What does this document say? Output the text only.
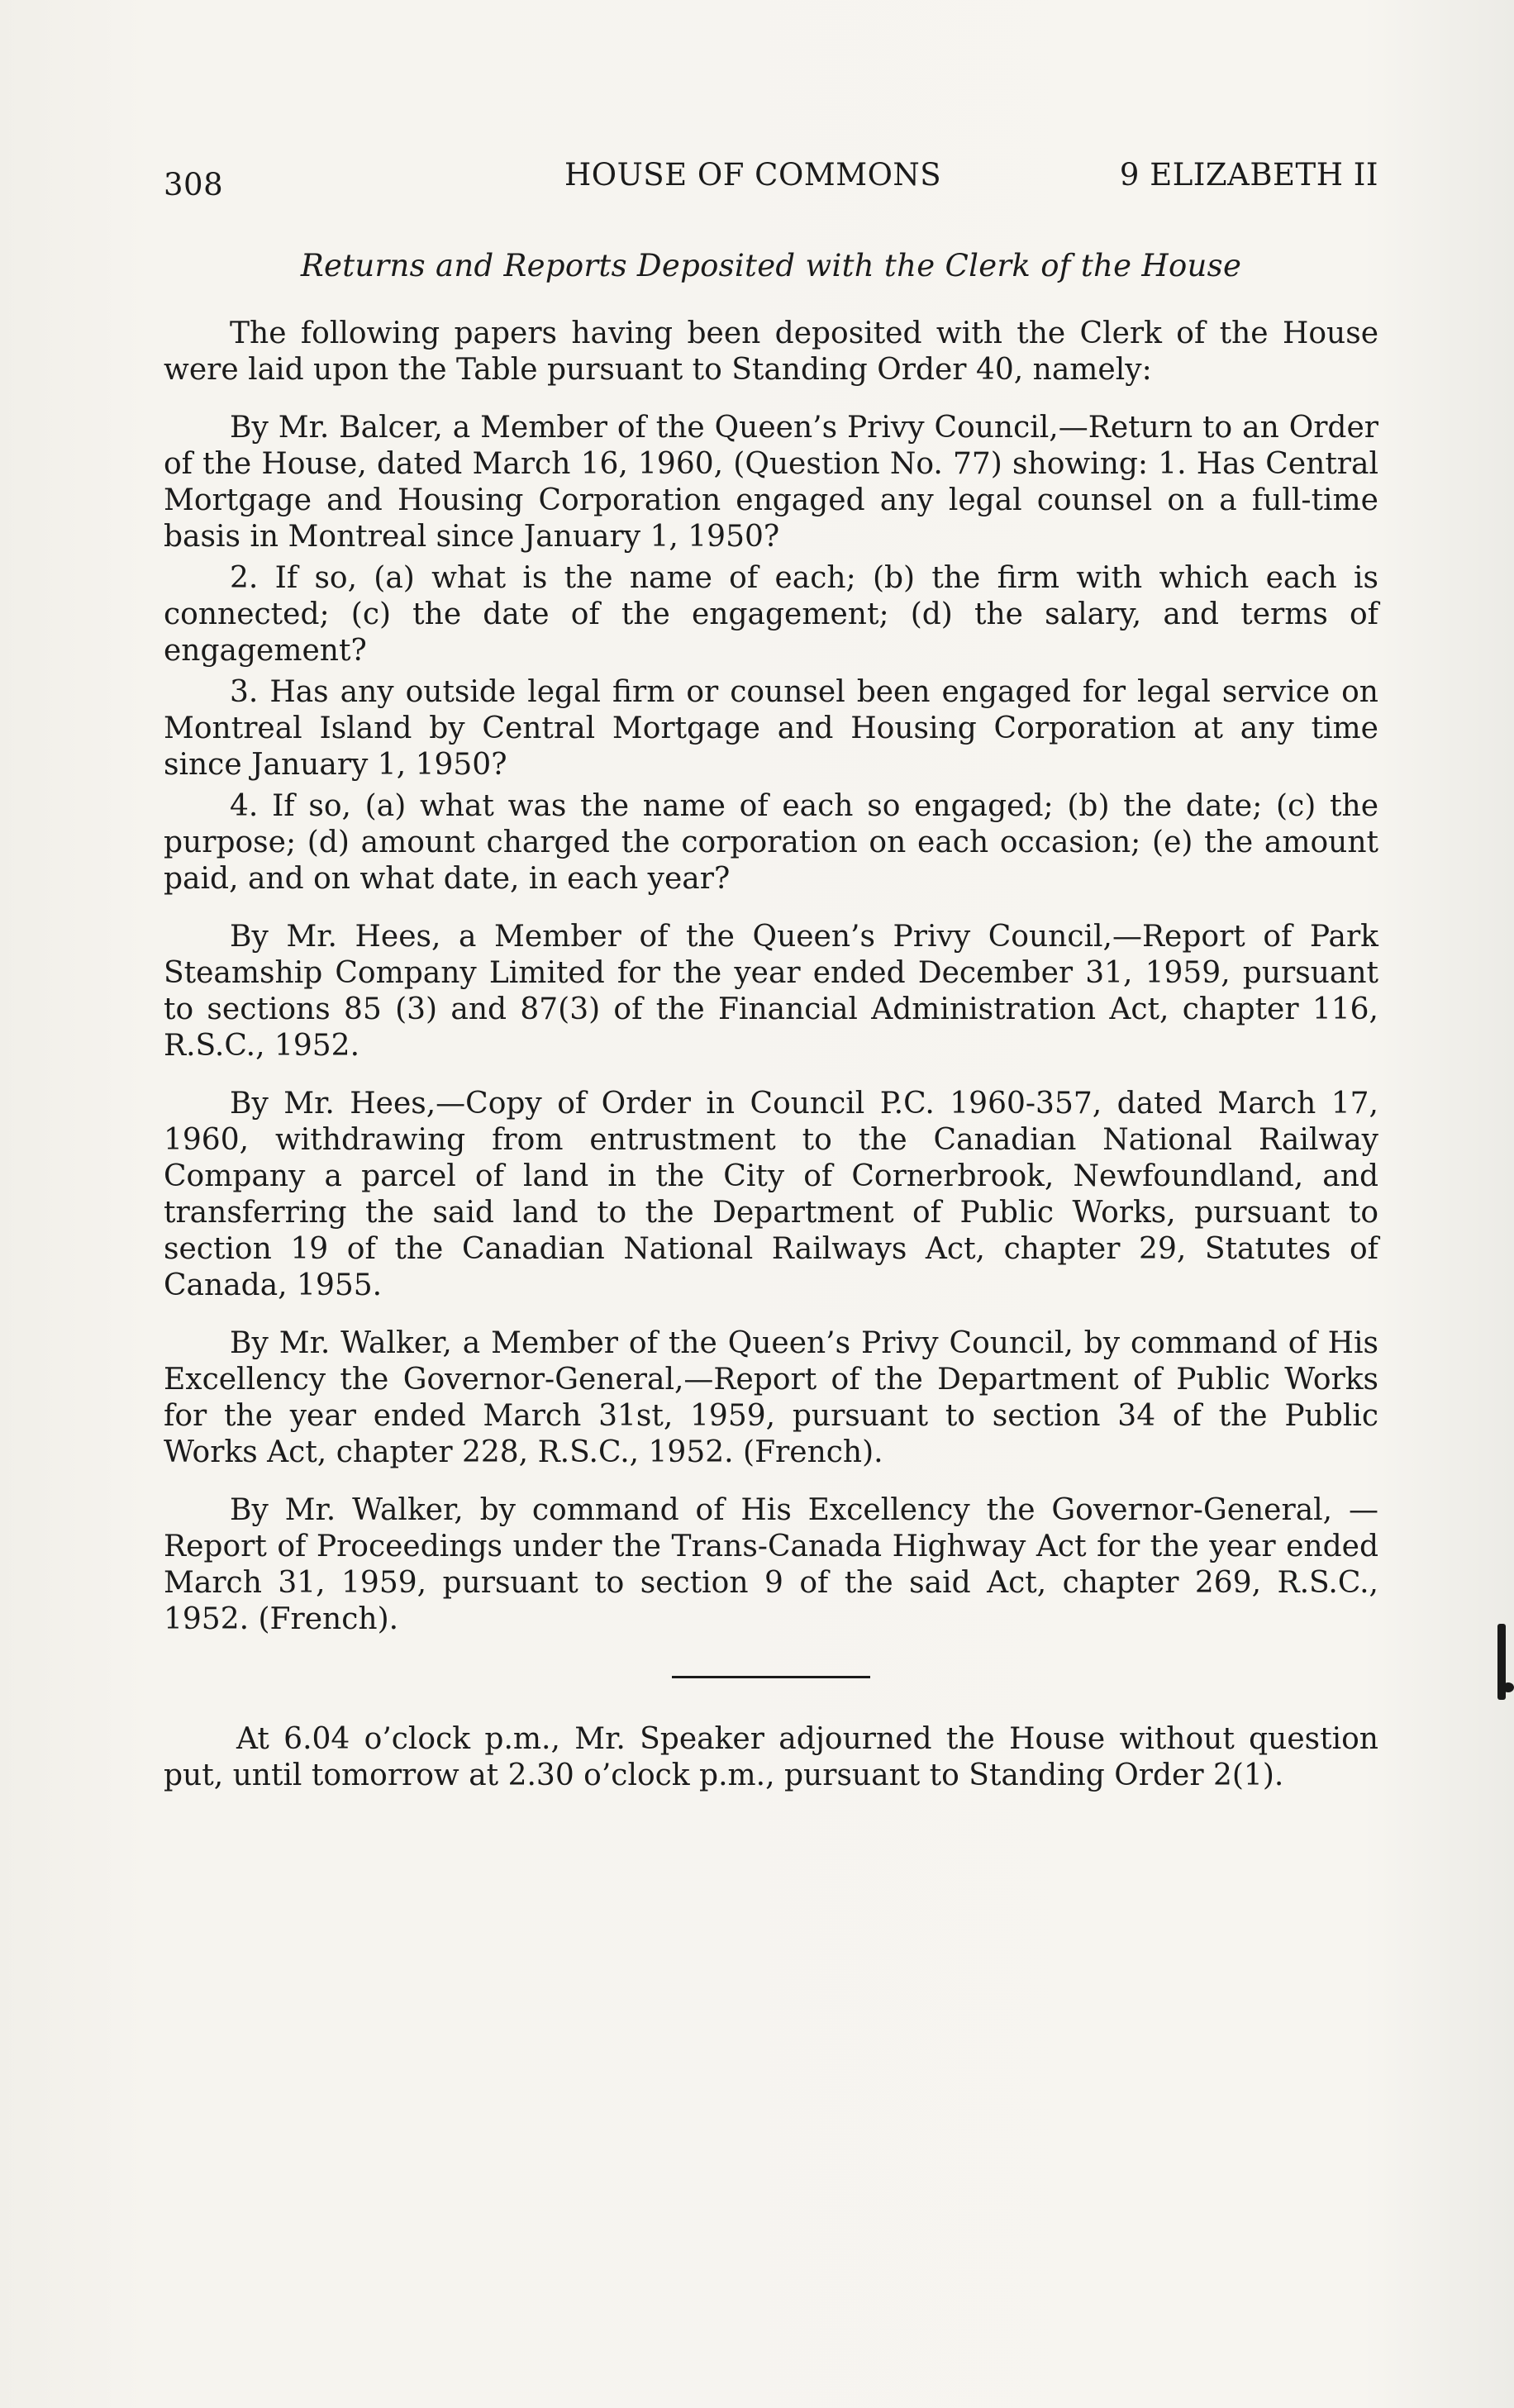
308	HOUSE OF COMMONS	9 ELIZABETH II
Returns and Reports Deposited with the Clerk of the House

The following papers having been deposited with the Clerk of the House were laid upon the Table pursuant to Standing Order 40, namely:

By Mr. Balcer, a Member of the Queen’s Privy Council,—Return to an Order of the House, dated March 16, 1960, (Question No. 77) showing: 1. Has Central Mortgage and Housing Corporation engaged any legal counsel on a full-time basis in Montreal since January 1, 1950?

2. If so, (a) what is the name of each; (b) the firm with which each is connected; (c) the date of the engagement; (d) the salary, and terms of engagement?

3. Has any outside legal firm or counsel been engaged for legal service on Montreal Island by Central Mortgage and Housing Corporation at any time since January 1, 1950?

4. If so, (a) what was the name of each so engaged; (b) the date; (c) the purpose; (d) amount charged the corporation on each occasion; (e) the amount paid, and on what date, in each year?

By Mr. Hees, a Member of the Queen’s Privy Council,—Report of Park Steamship Company Limited for the year ended December 31, 1959, pursuant to sections 85 (3) and 87(3) of the Financial Administration Act, chapter 116, R.S.C., 1952.

By Mr. Hees,—Copy of Order in Council P.C. 1960-357, dated March 17, 1960, withdrawing from entrustment to the Canadian National Railway Company a parcel of land in the City of Cornerbrook, Newfoundland, and transferring the said land to the Department of Public Works, pursuant to section 19 of the Canadian National Railways Act, chapter 29, Statutes of Canada, 1955.

By Mr. Walker, a Member of the Queen’s Privy Council, by command of His Excellency the Governor-General,—Report of the Department of Public Works for the year ended March 31st, 1959, pursuant to section 34 of the Public Works Act, chapter 228, R.S.C., 1952. (French).

By Mr. Walker, by command of His Excellency the Governor-General, —Report of Proceedings under the Trans-Canada Highway Act for the year ended March 31, 1959, pursuant to section 9 of the said Act, chapter 269, R.S.C., 1952. (French).

At 6.04 o’clock p.m., Mr. Speaker adjourned the House without question put, until tomorrow at 2.30 o’clock p.m., pursuant to Standing Order 2(1).
